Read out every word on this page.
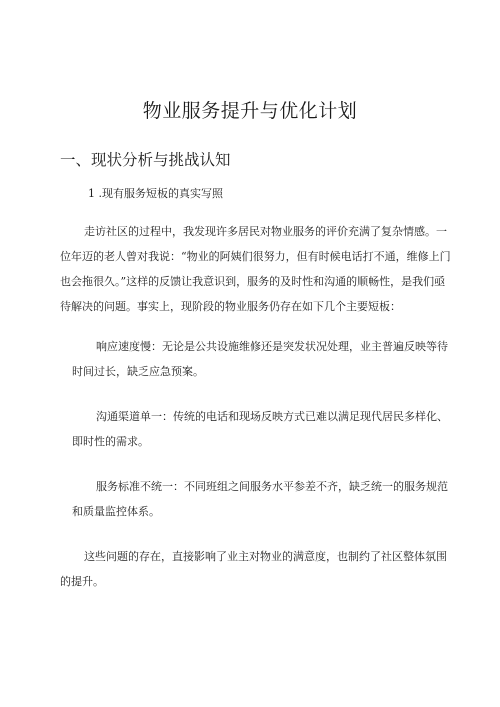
物业服务提升与优化计划
一、现状分析与挑战认知
1 .现有服务短板的真实写照

走访社区的过程中，我发现许多居民对物业服务的评价充满了复杂情感。一位年迈的老人曾对我说：“物业的阿姨们很努力，但有时候电话打不通，维修上门也会拖很久。”这样的反馈让我意识到，服务的及时性和沟通的顺畅性，是我们亟待解决的问题。事实上，现阶段的物业服务仍存在如下几个主要短板：

响应速度慢：无论是公共设施维修还是突发状况处理，业主普遍反映等待时间过长，缺乏应急预案。

沟通渠道单一：传统的电话和现场反映方式已难以满足现代居民多样化、即时性的需求。

服务标准不统一：不同班组之间服务水平参差不齐，缺乏统一的服务规范和质量监控体系。

这些问题的存在，直接影响了业主对物业的满意度，也制约了社区整体氛围的提升。
